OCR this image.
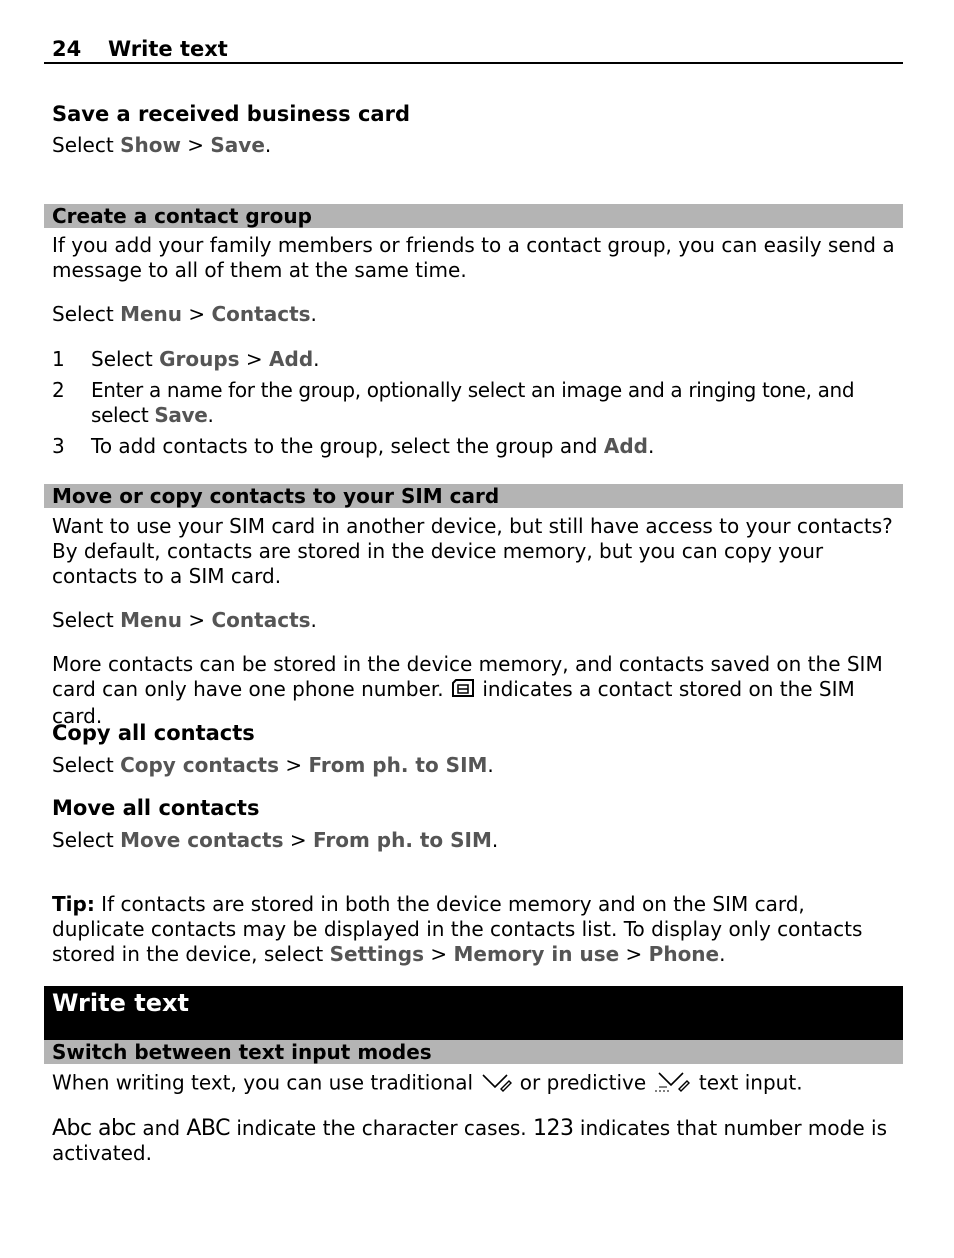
24 Write text
Save a received business card
Select Show > Save.
Create a contact group
If you add your family members or friends to a contact group, you can easily send a message to all of them at the same time.
Select Menu > Contacts.
1 Select Groups > Add.
2 Enter a name for the group, optionally select an image and a ringing tone, and select Save.
3 To add contacts to the group, select the group and Add.
Move or copy contacts to your SIM card
Want to use your SIM card in another device, but still have access to your contacts? By default, contacts are stored in the device memory, but you can copy your contacts to a SIM card.
Select Menu > Contacts.
More contacts can be stored in the device memory, and contacts saved on the SIM card can only have one phone number.  indicates a contact stored on the SIM card.
Copy all contacts
Select Copy contacts > From ph. to SIM.
Move all contacts
Select Move contacts > From ph. to SIM.
Tip: If contacts are stored in both the device memory and on the SIM card, duplicate contacts may be displayed in the contacts list. To display only contacts stored in the device, select Settings > Memory in use > Phone.
Write text
Switch between text input modes
When writing text, you can use traditional  or predictive  text input.
Abc abc and ABC indicate the character cases. 123 indicates that number mode is activated.
